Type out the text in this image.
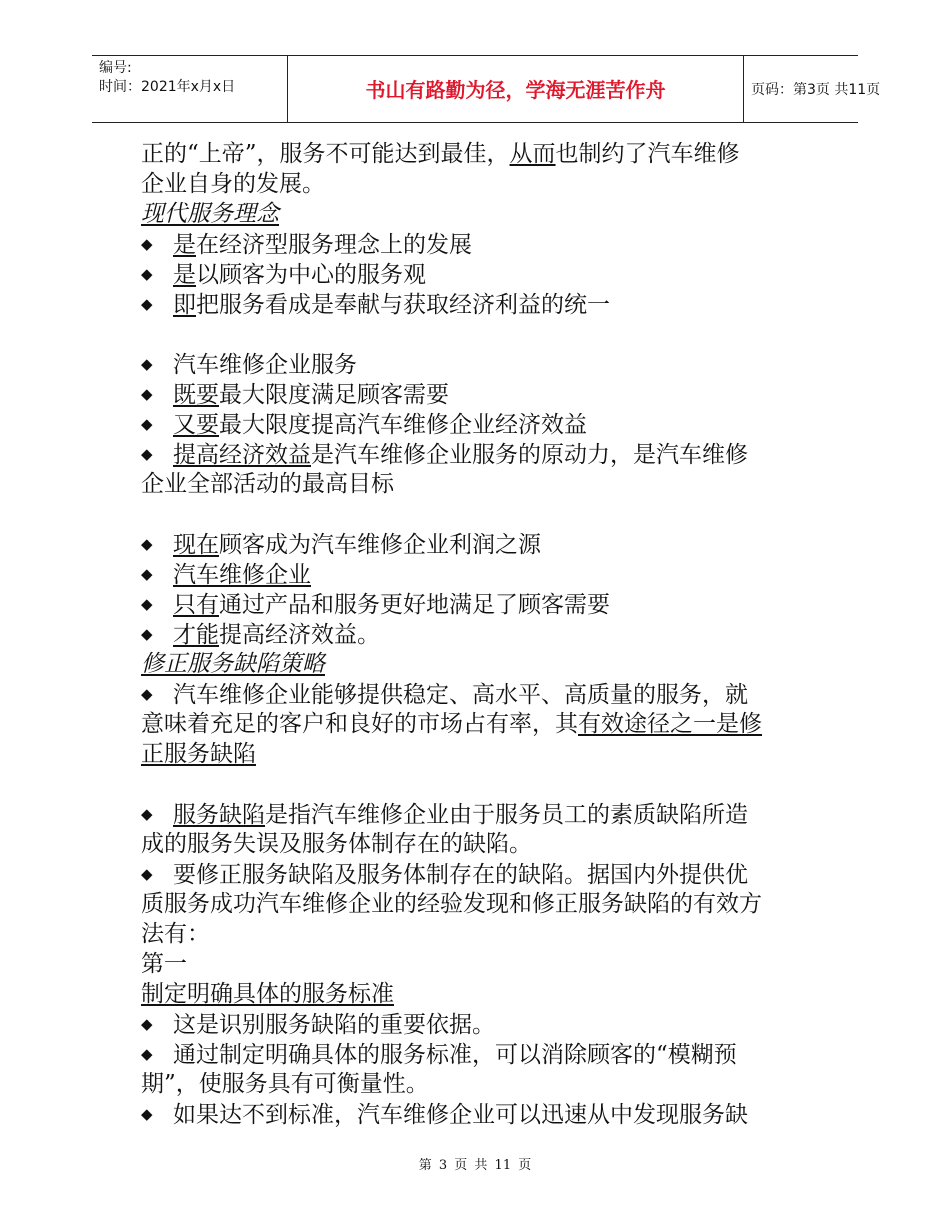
编号:
时间：2021年x月x日	书山有路勤为径，学海无涯苦作舟	页码：第3页 共11页
正的“上帝”，服务不可能达到最佳，从而也制约了汽车维修
企业自身的发展。
现代服务理念
◆ 是在经济型服务理念上的发展
◆ 是以顾客为中心的服务观
◆ 即把服务看成是奉献与获取经济利益的统一
◆ 汽车维修企业服务
◆ 既要最大限度满足顾客需要
◆ 又要最大限度提高汽车维修企业经济效益
◆ 提高经济效益是汽车维修企业服务的原动力，是汽车维修
企业全部活动的最高目标
◆ 现在顾客成为汽车维修企业利润之源
◆ 汽车维修企业
◆ 只有通过产品和服务更好地满足了顾客需要
◆ 才能提高经济效益。
修正服务缺陷策略
◆ 汽车维修企业能够提供稳定、高水平、高质量的服务，就
意味着充足的客户和良好的市场占有率，其有效途径之一是修
正服务缺陷
◆ 服务缺陷是指汽车维修企业由于服务员工的素质缺陷所造
成的服务失误及服务体制存在的缺陷。
◆ 要修正服务缺陷及服务体制存在的缺陷。据国内外提供优
质服务成功汽车维修企业的经验发现和修正服务缺陷的有效方
法有：
第一
制定明确具体的服务标准
◆ 这是识别服务缺陷的重要依据。
◆ 通过制定明确具体的服务标准，可以消除顾客的“模糊预
期”，使服务具有可衡量性。
◆ 如果达不到标准，汽车维修企业可以迅速从中发现服务缺
第 3 页 共 11 页
